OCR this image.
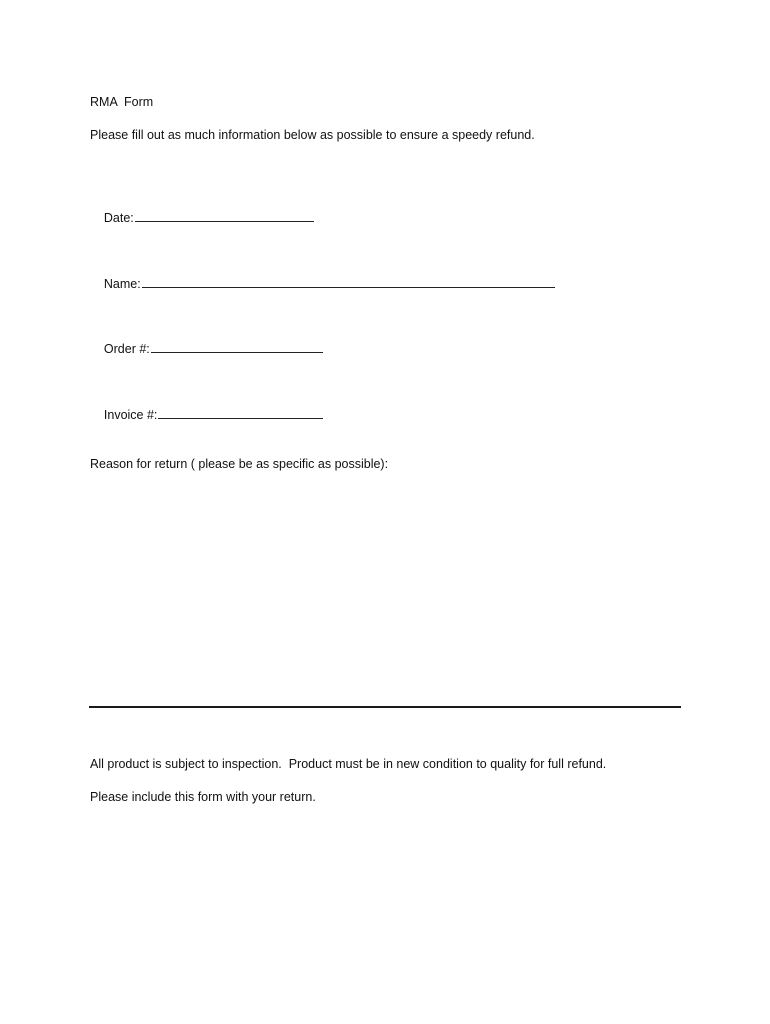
RMA  Form
Please fill out as much information below as possible to ensure a speedy refund.

Date:

Name:

Order #:

Invoice #:

Reason for return ( please be as specific as possible):
All product is subject to inspection.  Product must be in new condition to quality for full refund.
Please include this form with your return.
